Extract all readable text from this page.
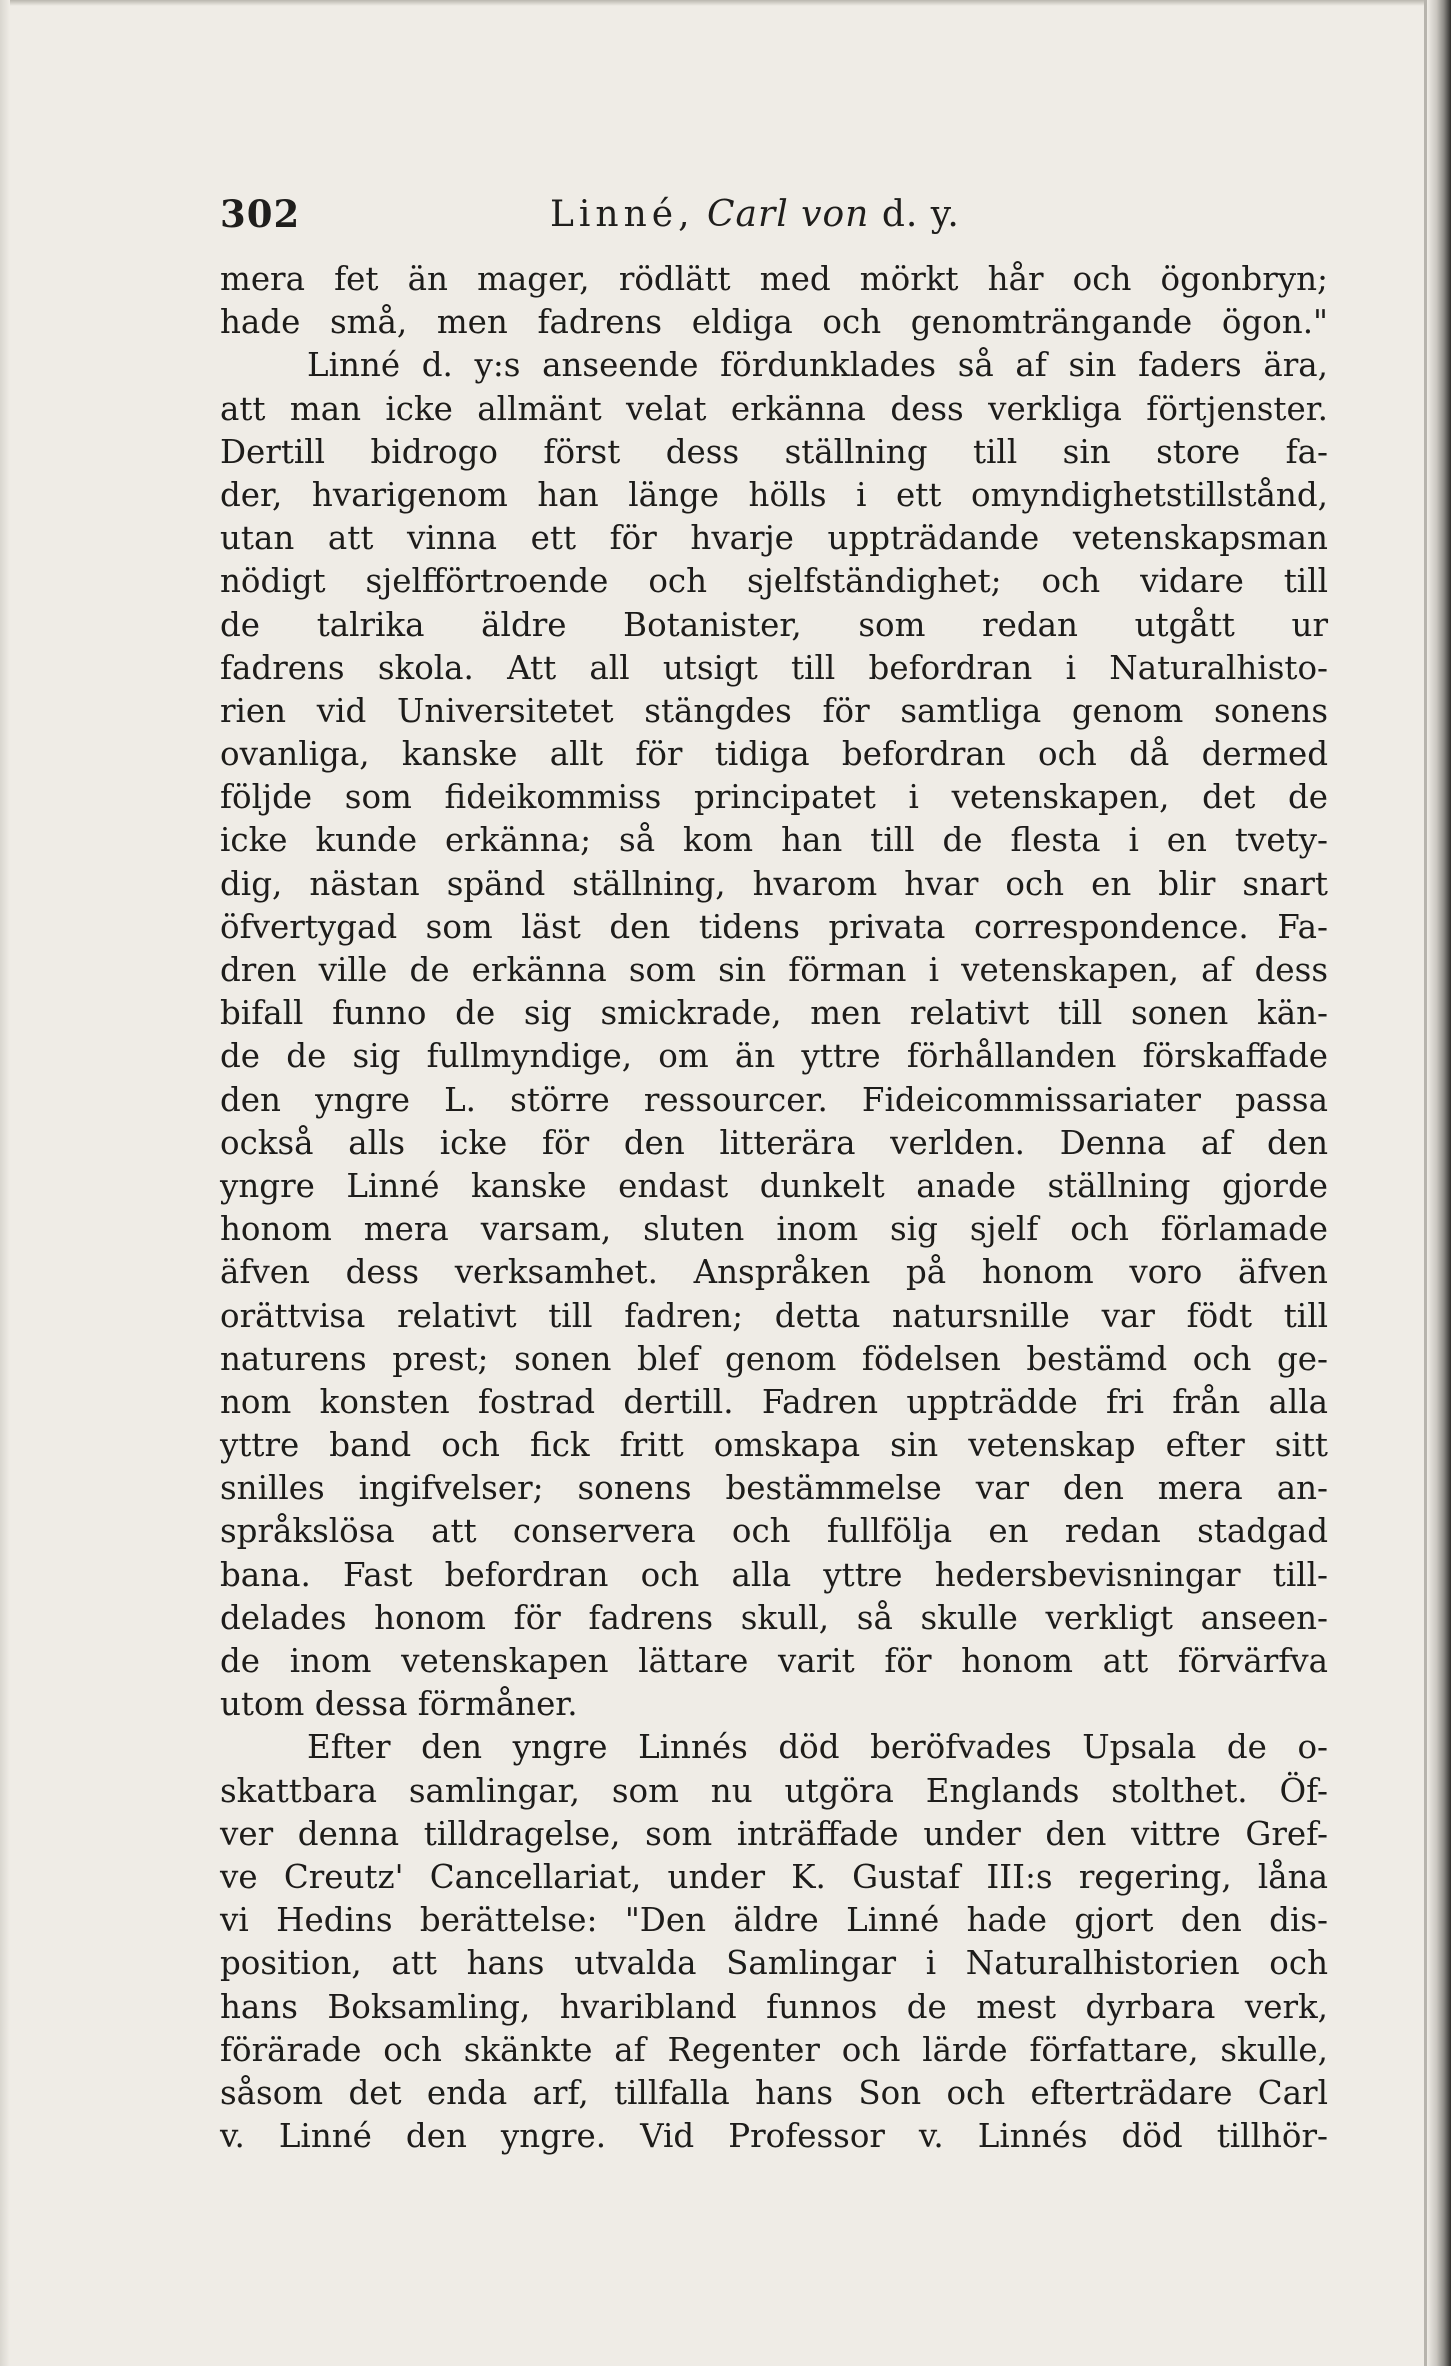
302	Linné, Carl von d. y.
mera fet än mager, rödlätt med mörkt hår och ögonbryn;
hade små, men fadrens eldiga och genomträngande ögon."
Linné d. y:s anseende fördunklades så af sin faders ära,
att man icke allmänt velat erkänna dess verkliga förtjenster.
Dertill bidrogo först dess ställning till sin store fa-
der, hvarigenom han länge hölls i ett omyndighetstillstånd,
utan att vinna ett för hvarje uppträdande vetenskapsman
nödigt sjelfförtroende och sjelfständighet; och vidare till
de talrika äldre Botanister, som redan utgått ur
fadrens skola. Att all utsigt till befordran i Naturalhisto-
rien vid Universitetet stängdes för samtliga genom sonens
ovanliga, kanske allt för tidiga befordran och då dermed
följde som fideikommiss principatet i vetenskapen, det de
icke kunde erkänna; så kom han till de flesta i en tvety-
dig, nästan spänd ställning, hvarom hvar och en blir snart
öfvertygad som läst den tidens privata correspondence. Fa-
dren ville de erkänna som sin förman i vetenskapen, af dess
bifall funno de sig smickrade, men relativt till sonen kän-
de de sig fullmyndige, om än yttre förhållanden förskaffade
den yngre L. större ressourcer. Fideicommissariater passa
också alls icke för den litterära verlden. Denna af den
yngre Linné kanske endast dunkelt anade ställning gjorde
honom mera varsam, sluten inom sig sjelf och förlamade
äfven dess verksamhet. Anspråken på honom voro äfven
orättvisa relativt till fadren; detta natursnille var födt till
naturens prest; sonen blef genom födelsen bestämd och ge-
nom konsten fostrad dertill. Fadren uppträdde fri från alla
yttre band och fick fritt omskapa sin vetenskap efter sitt
snilles ingifvelser; sonens bestämmelse var den mera an-
språkslösa att conservera och fullfölja en redan stadgad
bana. Fast befordran och alla yttre hedersbevisningar till-
delades honom för fadrens skull, så skulle verkligt anseen-
de inom vetenskapen lättare varit för honom att förvärfva
utom dessa förmåner.
Efter den yngre Linnés död beröfvades Upsala de o-
skattbara samlingar, som nu utgöra Englands stolthet. Öf-
ver denna tilldragelse, som inträffade under den vittre Gref-
ve Creutz' Cancellariat, under K. Gustaf III:s regering, låna
vi Hedins berättelse: "Den äldre Linné hade gjort den dis-
position, att hans utvalda Samlingar i Naturalhistorien och
hans Boksamling, hvaribland funnos de mest dyrbara verk,
förärade och skänkte af Regenter och lärde författare, skulle,
såsom det enda arf, tillfalla hans Son och efterträdare Carl
v. Linné den yngre. Vid Professor v. Linnés död tillhör-
